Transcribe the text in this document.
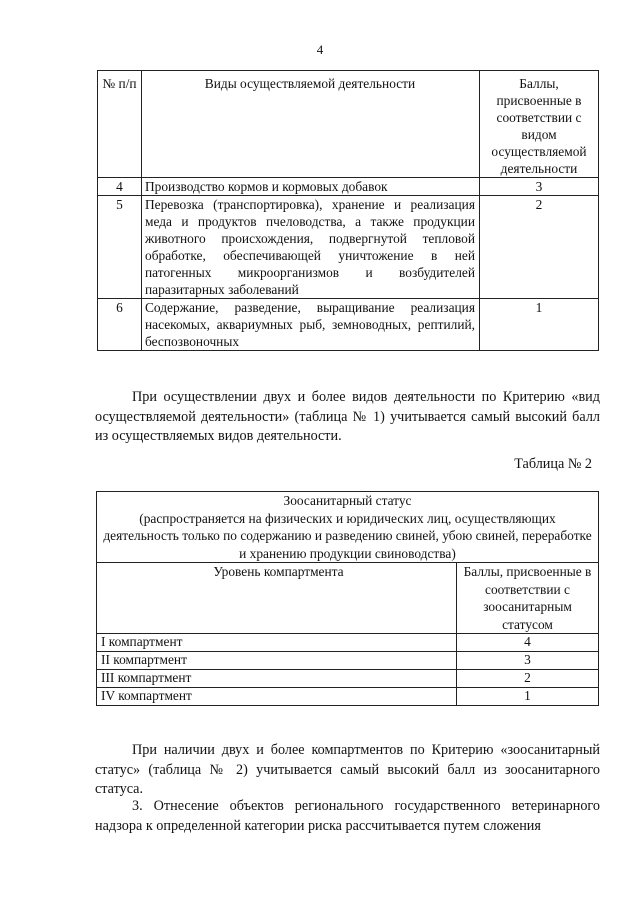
4
№ п/п	Виды осуществляемой деятельности	Баллы, присвоенные в соответствии с видом осуществляемой деятельности
4	Производство кормов и кормовых добавок	3
5	Перевозка (транспортировка), хранение и реализация меда и продуктов пчеловодства, а также продукции животного происхождения, подвергнутой тепловой обработке, обеспечивающей уничтожение в ней патогенных микроорганизмов и возбудителей паразитарных заболеваний	2
6	Содержание, разведение, выращивание реализация насекомых, аквариумных рыб, земноводных, рептилий, беспозвоночных	1
При осуществлении двух и более видов деятельности по Критерию «вид осуществляемой деятельности» (таблица № 1) учитывается самый высокий балл из осуществляемых видов деятельности.
Таблица № 2
Зоосанитарный статус
(распространяется на физических и юридических лиц, осуществляющих деятельность только по содержанию и разведению свиней, убою свиней, переработке и хранению продукции свиноводства)	

Уровень компартмента	Баллы, присвоенные в соответствии с зоосанитарным статусом
I компартмент	4
II компартмент	3
III компартмент	2
IV компартмент	1
При наличии двух и более компартментов по Критерию «зоосанитарный статус» (таблица № 2) учитывается самый высокий балл из зоосанитарного статуса.
3. Отнесение объектов регионального государственного ветеринарного надзора к определенной категории риска рассчитывается путем сложения
